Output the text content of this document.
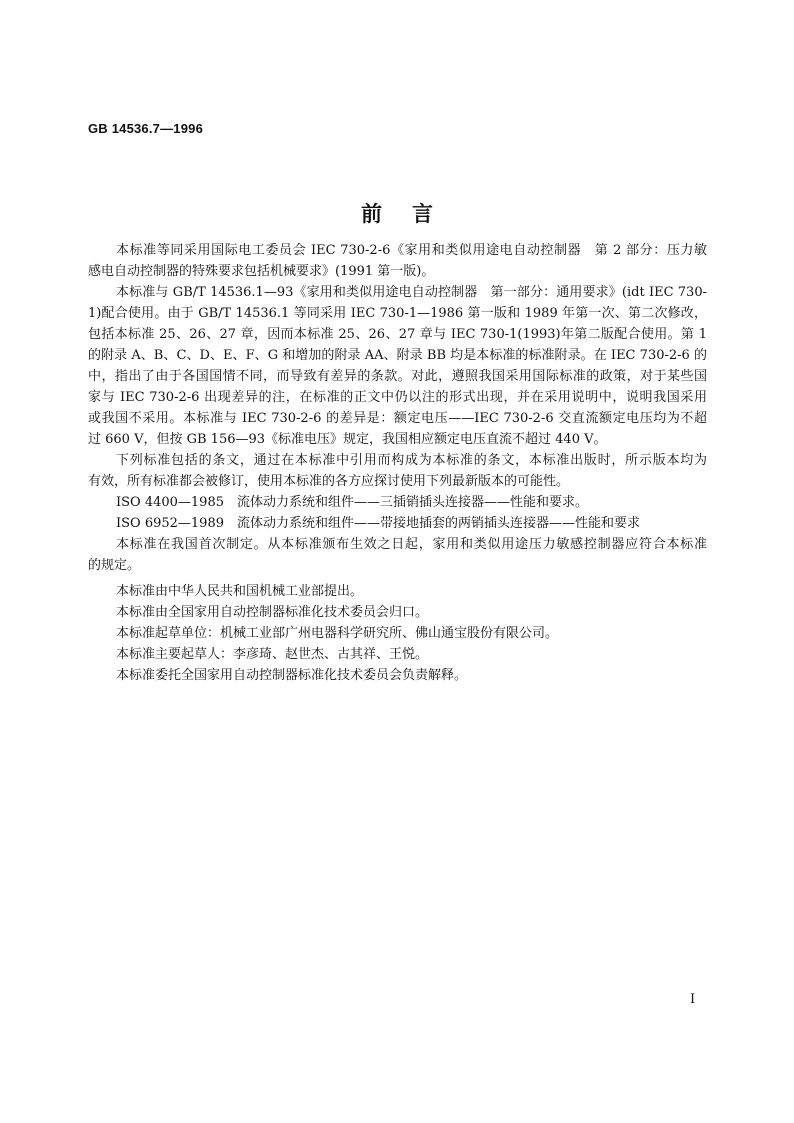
GB 14536.7—1996
前言
本标准等同采用国际电工委员会 IEC 730-2-6《家用和类似用途电自动控制器　第 2 部分：压力敏
感电自动控制器的特殊要求包括机械要求》(1991 第一版)。
本标准与 GB/T 14536.1—93《家用和类似用途电自动控制器　第一部分：通用要求》(idt IEC 730-
1)配合使用。由于 GB/T 14536.1 等同采用 IEC 730-1—1986 第一版和 1989 年第一次、第二次修改，
包括本标准 25、26、27 章，因而本标准 25、26、27 章与 IEC 730-1(1993)年第二版配合使用。第 1
的附录 A、B、C、D、E、F、G 和增加的附录 AA、附录 BB 均是本标准的标准附录。在 IEC 730-2-6 的
中，指出了由于各国国情不同，而导致有差异的条款。对此，遵照我国采用国际标准的政策，对于某些国
家与 IEC 730-2-6 出现差异的注，在标准的正文中仍以注的形式出现，并在采用说明中，说明我国采用
或我国不采用。本标准与 IEC 730-2-6 的差异是：额定电压——IEC 730-2-6 交直流额定电压均为不超
过 660 V，但按 GB 156—93《标准电压》规定，我国相应额定电压直流不超过 440 V。
下列标准包括的条文，通过在本标准中引用而构成为本标准的条文，本标准出版时，所示版本均为
有效，所有标准都会被修订，使用本标准的各方应探讨使用下列最新版本的可能性。
ISO 4400—1985　流体动力系统和组件——三插销插头连接器——性能和要求。
ISO 6952—1989　流体动力系统和组件——带接地插套的两销插头连接器——性能和要求
本标准在我国首次制定。从本标准颁布生效之日起，家用和类似用途压力敏感控制器应符合本标准
的规定。
本标准由中华人民共和国机械工业部提出。
本标准由全国家用自动控制器标准化技术委员会归口。
本标准起草单位：机械工业部广州电器科学研究所、佛山通宝股份有限公司。
本标准主要起草人：李彦琦、赵世杰、古其祥、王悦。
本标准委托全国家用自动控制器标准化技术委员会负责解释。
I
